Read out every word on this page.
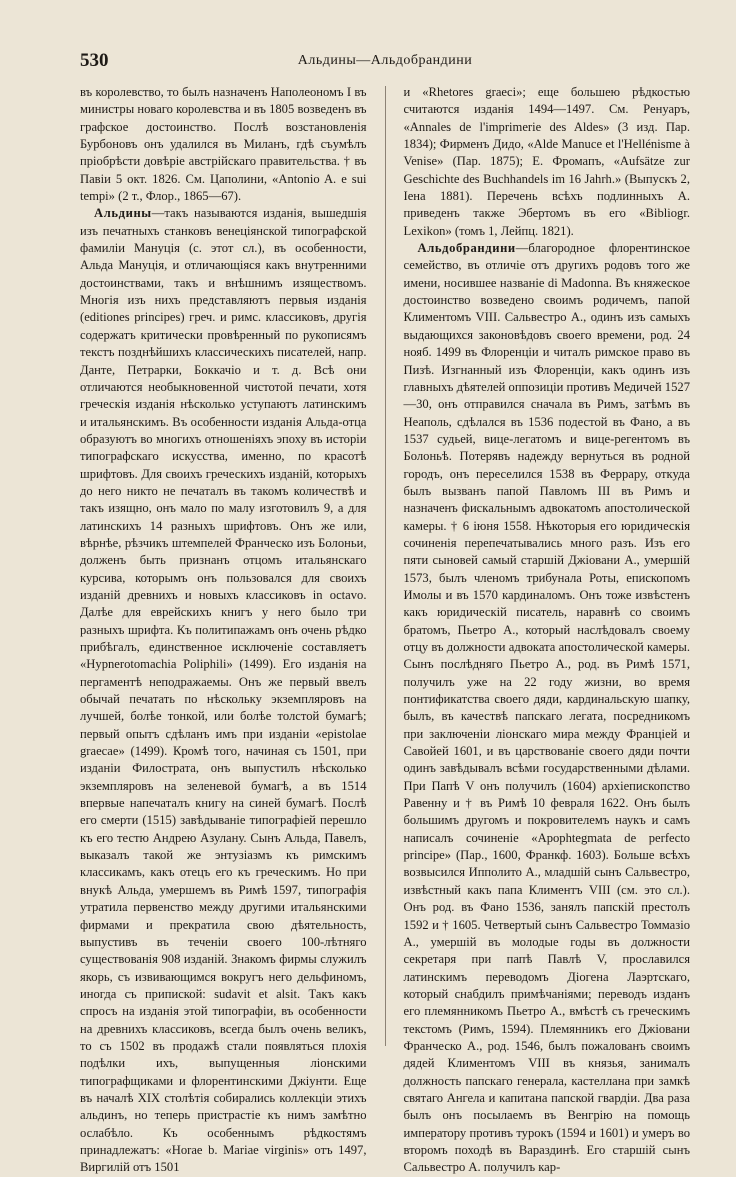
530	Альдины—Альдобрандини

въ королевство, то былъ назначенъ Наполеономъ I въ министры новаго королевства и въ 1805 возведенъ въ графское достоинство. Послѣ возстановленія Бурбоновъ онъ удалился въ Миланъ, гдѣ съумѣлъ пріобрѣсти довѣріе австрійскаго правительства. † въ Павіи 5 окт. 1826. См. Цаполини, «Antonio A. e sui tempi» (2 т., Флор., 1865—67).

Альдины—такъ называются изданія, вышедшія изъ печатныхъ станковъ венеціянской типографской фамиліи Мануція (с. этот сл.), въ особенности, Альда Мануція, и отличающіяся какъ внутренними достоинствами, такъ и внѣшнимъ изяществомъ. Многія изъ нихъ представляютъ первыя изданія (editiones principes) греч. и римс. классиковъ, другія содержатъ критически провѣренный по рукописямъ текстъ позднѣйшихъ классическихъ писателей, напр. Данте, Петрарки, Боккачіо и т. д. Всѣ они отличаются необыкновенной чистотой печати, хотя греческія изданія нѣсколько уступаютъ латинскимъ и итальянскимъ. Въ особенности изданія Альда-отца образуютъ во многихъ отношеніяхъ эпоху въ исторіи типографскаго искусства, именно, по красотѣ шрифтовъ. Для своихъ греческихъ изданій, которыхъ до него никто не печаталъ въ такомъ количествѣ и такъ изящно, онъ мало по малу изготовилъ 9, а для латинскихъ 14 разныхъ шрифтовъ. Онъ же или, вѣрнѣе, рѣзчикъ штемпелей Франческо изъ Болоньи, долженъ быть признанъ отцомъ итальянскаго курсива, которымъ онъ пользовался для своихъ изданій древнихъ и новыхъ классиковъ in octavo. Далѣе для еврейскихъ книгъ у него было три разныхъ шрифта. Къ политипажамъ онъ очень рѣдко прибѣгалъ, единственное исключеніе составляетъ «Hypnerotomachia Poliphili» (1499). Его изданія на пергаментѣ неподражаемы. Онъ же первый ввелъ обычай печатать по нѣскольку экземпляровъ на лучшей, болѣе тонкой, или болѣе толстой бумагѣ; первый опытъ сдѣланъ имъ при изданіи «epistolae graecae» (1499). Кромѣ того, начиная съ 1501, при изданіи Филострата, онъ выпустилъ нѣсколько экземпляровъ на зеленевой бумагѣ, а въ 1514 впервые напечаталъ книгу на синей бумагѣ. Послѣ его смерти (1515) завѣдываніе типографіей перешло къ его тестю Андрею Азулану. Сынъ Альда, Павелъ, выказалъ такой же энтузіазмъ къ римскимъ классикамъ, какъ отецъ его къ греческимъ. Но при внукѣ Альда, умершемъ въ Римѣ 1597, типографія утратила первенство между другими итальянскими фирмами и прекратила свою дѣятельность, выпустивъ въ теченіи своего 100-лѣтняго существованія 908 изданій. Знакомъ фирмы служилъ якорь, съ извивающимся вокругъ него дельфиномъ, иногда съ припиской: sudavit et alsit. Такъ какъ спросъ на изданія этой типографіи, въ особенности на древнихъ классиковъ, всегда былъ очень великъ, то съ 1502 въ продажѣ стали появляться плохія подѣлки ихъ, выпущенныя ліонскими типографщиками и флорентинскими Джіунти. Еще въ началѣ XIX столѣтія собирались коллекціи этихъ альдинъ, но теперь пристрастіе къ нимъ замѣтно ослабѣло. Къ особеннымъ рѣдкостямъ принадлежатъ: «Horae b. Mariae virginis» отъ 1497, Виргилій отъ 1501

и «Rhetores graeci»; еще большею рѣдкостью считаются изданія 1494—1497. См. Ренуаръ, «Annales de l'imprimerie des Aldes» (3 изд. Пар. 1834); Фирменъ Дидо, «Alde Manuce et l'Hellénisme à Venise» (Пар. 1875); Е. Фромапъ, «Aufsätze zur Geschichte des Buchhandels im 16 Jahrh.» (Выпускъ 2, Іена 1881). Перечень всѣхъ подлинныхъ А. приведенъ также Эбертомъ въ его «Bibliogr. Lexikon» (томъ 1, Лейпц. 1821).

Альдобрандини—благородное флорентинское семейство, въ отличіе отъ другихъ родовъ того же имени, носившее названіе di Madonna. Въ княжеское достоинство возведено своимъ родичемъ, папой Климентомъ VIII. Сальвестро А., одинъ изъ самыхъ выдающихся законовѣдовъ своего времени, род. 24 нояб. 1499 въ Флоренціи и читалъ римское право въ Пизѣ. Изгнанный изъ Флоренціи, какъ одинъ изъ главныхъ дѣятелей оппозиціи противъ Медичей 1527—30, онъ отправился сначала въ Римъ, затѣмъ въ Неаполь, сдѣлался въ 1536 подестой въ Фано, а въ 1537 судьей, вице-легатомъ и вице-регентомъ въ Болоньѣ. Потерявъ надежду вернуться въ родной городъ, онъ переселился 1538 въ Феррару, откуда былъ вызванъ папой Павломъ III въ Римъ и назначенъ фискальнымъ адвокатомъ апостолической камеры. † 6 іюня 1558. Нѣкоторыя его юридическія сочиненія перепечатывались много разъ. Изъ его пяти сыновей самый старшій Джіовани А., умершій 1573, былъ членомъ трибунала Роты, епископомъ Имолы и въ 1570 кардиналомъ. Онъ тоже извѣстенъ какъ юридическій писатель, наравнѣ со своимъ братомъ, Пьетро А., который наслѣдовалъ своему отцу въ должности адвоката апостолической камеры. Сынъ послѣдняго Пьетро А., род. въ Римѣ 1571, получилъ уже на 22 году жизни, во время понтификатства своего дяди, кардинальскую шапку, былъ, въ качествѣ папскаго легата, посредникомъ при заключеніи ліонскаго мира между Франціей и Савойей 1601, и въ царствованіе своего дяди почти одинъ завѣдывалъ всѣми государственными дѣлами. При Папѣ V онъ получилъ (1604) архіепископство Равенну и † въ Римѣ 10 февраля 1622. Онъ былъ большимъ другомъ и покровителемъ наукъ и самъ написалъ сочиненіе «Apophtegmata de perfecto principe» (Пар., 1600, Франкф. 1603). Больше всѣхъ возвысился Ипполито А., младшій сынъ Сальвестро, извѣстный какъ папа Климентъ VIII (см. это сл.). Онъ род. въ Фано 1536, занялъ папскій престолъ 1592 и † 1605. Четвертый сынъ Сальвестро Томмазіо А., умершій въ молодые годы въ должности секретаря при папѣ Павлѣ V, прославился латинскимъ переводомъ Діогена Лаэртскаго, который снабдилъ примѣчаніями; переводъ изданъ его племянникомъ Пьетро А., вмѣстѣ съ греческимъ текстомъ (Римъ, 1594). Племянникъ его Джіовани Франческо А., род. 1546, былъ пожалованъ своимъ дядей Климентомъ VIII въ князья, занималъ должность папскаго генерала, кастеллана при замкѣ святаго Ангела и капитана папской гвардіи. Два раза былъ онъ посылаемъ въ Венгрію на помощь императору противъ турокъ (1594 и 1601) и умеръ во второмъ походѣ въ Вараздинѣ. Его старшій сынъ Сальвестро А. получилъ кар-
